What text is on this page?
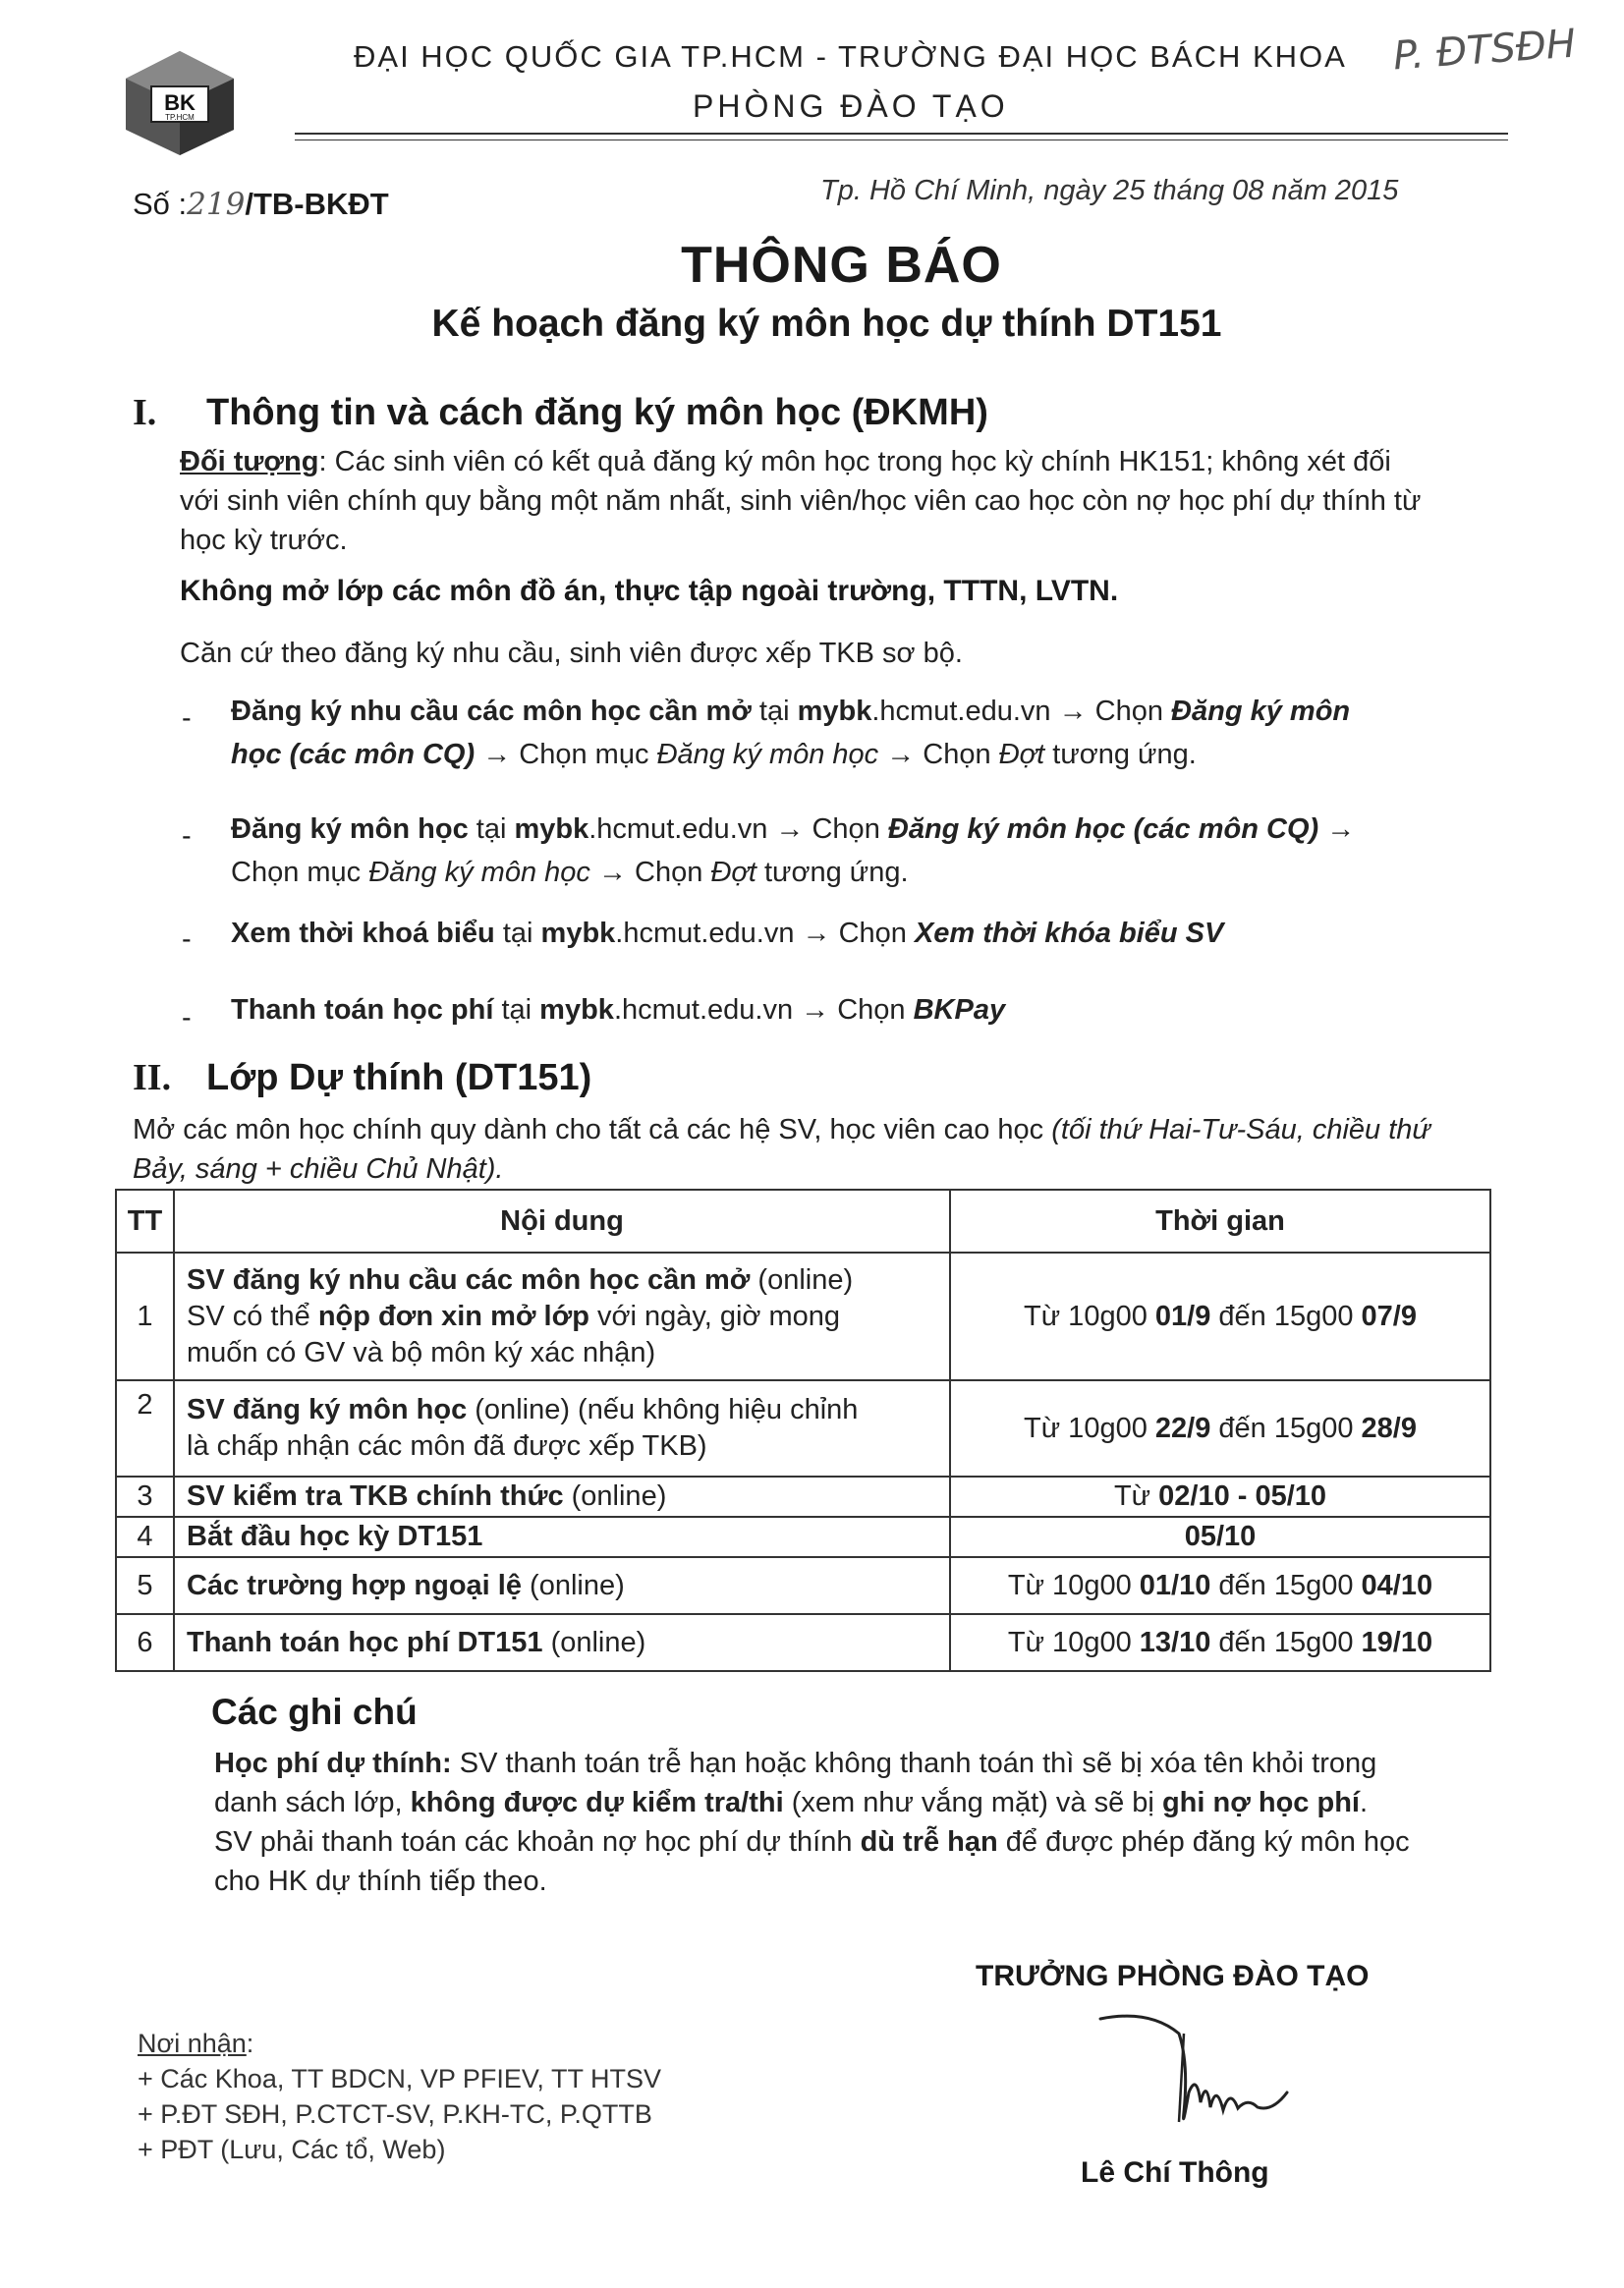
BK
TP.HCM
ĐẠI HỌC QUỐC GIA TP.HCM - TRƯỜNG ĐẠI HỌC BÁCH KHOA
PHÒNG ĐÀO TẠO
P. ĐTSĐH
Số :219/TB-BKĐT	Tp. Hồ Chí Minh, ngày 25 tháng 08 năm 2015
THÔNG BÁO
Kế hoạch đăng ký môn học dự thính DT151
I. Thông tin và cách đăng ký môn học (ĐKMH)
Đối tượng: Các sinh viên có kết quả đăng ký môn học trong học kỳ chính HK151; không xét đối
với sinh viên chính quy bằng một năm nhất, sinh viên/học viên cao học còn nợ học phí dự thính từ
học kỳ trước.
Không mở lớp các môn đồ án, thực tập ngoài trường, TTTN, LVTN.
Căn cứ theo đăng ký nhu cầu, sinh viên được xếp TKB sơ bộ.
- Đăng ký nhu cầu các môn học cần mở tại mybk.hcmut.edu.vn → Chọn Đăng ký môn
học (các môn CQ) → Chọn mục Đăng ký môn học → Chọn Đợt tương ứng.
- Đăng ký môn học tại mybk.hcmut.edu.vn → Chọn Đăng ký môn học (các môn CQ) →
Chọn mục Đăng ký môn học → Chọn Đợt tương ứng.
- Xem thời khoá biểu tại mybk.hcmut.edu.vn → Chọn Xem thời khóa biểu SV
- Thanh toán học phí tại mybk.hcmut.edu.vn → Chọn BKPay
II. Lớp Dự thính (DT151)
Mở các môn học chính quy dành cho tất cả các hệ SV, học viên cao học (tối thứ Hai-Tư-Sáu, chiều thứ
Bảy, sáng + chiều Chủ Nhật).
TT	Nội dung	Thời gian
1	SV đăng ký nhu cầu các môn học cần mở (online)
SV có thể nộp đơn xin mở lớp với ngày, giờ mong
muốn có GV và bộ môn ký xác nhận)	Từ 10g00 01/9 đến 15g00 07/9
2	SV đăng ký môn học (online) (nếu không hiệu chỉnh
là chấp nhận các môn đã được xếp TKB)	Từ 10g00 22/9 đến 15g00 28/9
3	SV kiểm tra TKB chính thức (online)	Từ 02/10 - 05/10
4	Bắt đầu học kỳ DT151	05/10
5	Các trường hợp ngoại lệ (online)	Từ 10g00 01/10 đến 15g00 04/10
6	Thanh toán học phí DT151 (online)	Từ 10g00 13/10 đến 15g00 19/10
Các ghi chú
Học phí dự thính: SV thanh toán trễ hạn hoặc không thanh toán thì sẽ bị xóa tên khỏi trong
danh sách lớp, không được dự kiểm tra/thi (xem như vắng mặt) và sẽ bị ghi nợ học phí.
SV phải thanh toán các khoản nợ học phí dự thính dù trễ hạn để được phép đăng ký môn học
cho HK dự thính tiếp theo.
TRƯỞNG PHÒNG ĐÀO TẠO
Lê Chí Thông
Nơi nhận:
+ Các Khoa, TT BDCN, VP PFIEV, TT HTSV
+ P.ĐT SĐH, P.CTCT-SV, P.KH-TC, P.QTTB
+ PĐT (Lưu, Các tổ, Web)
